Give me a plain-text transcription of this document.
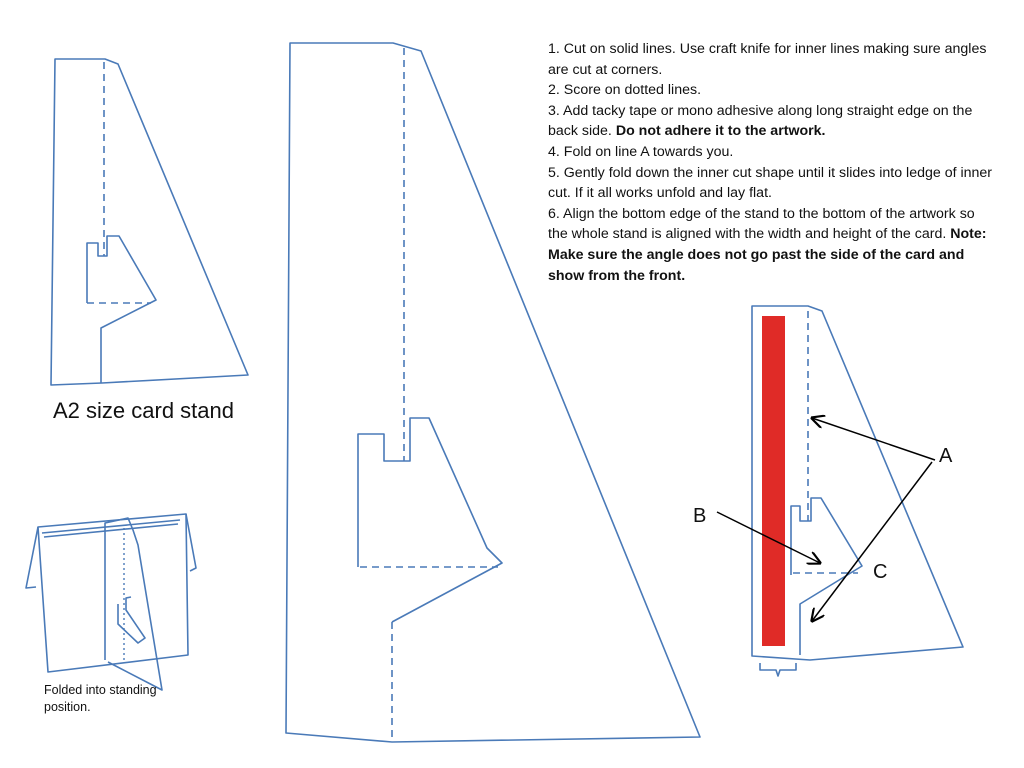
1. Cut on solid lines. Use craft knife for inner lines making sure angles are cut at corners.
2. Score on dotted lines.
3. Add tacky tape or mono adhesive along long straight edge on the back side. Do not adhere it to the artwork.
4. Fold on line A towards you.
5. Gently fold down the inner cut shape until it slides into ledge of inner cut. If it all works unfold and lay flat.
6. Align the bottom edge of the stand to the bottom of the artwork so the whole stand is aligned with the width and height of the card. Note: Make sure the angle does not go past the side of the card and show from the front.
A2 size card stand
Folded into standing position.
A
B
C
